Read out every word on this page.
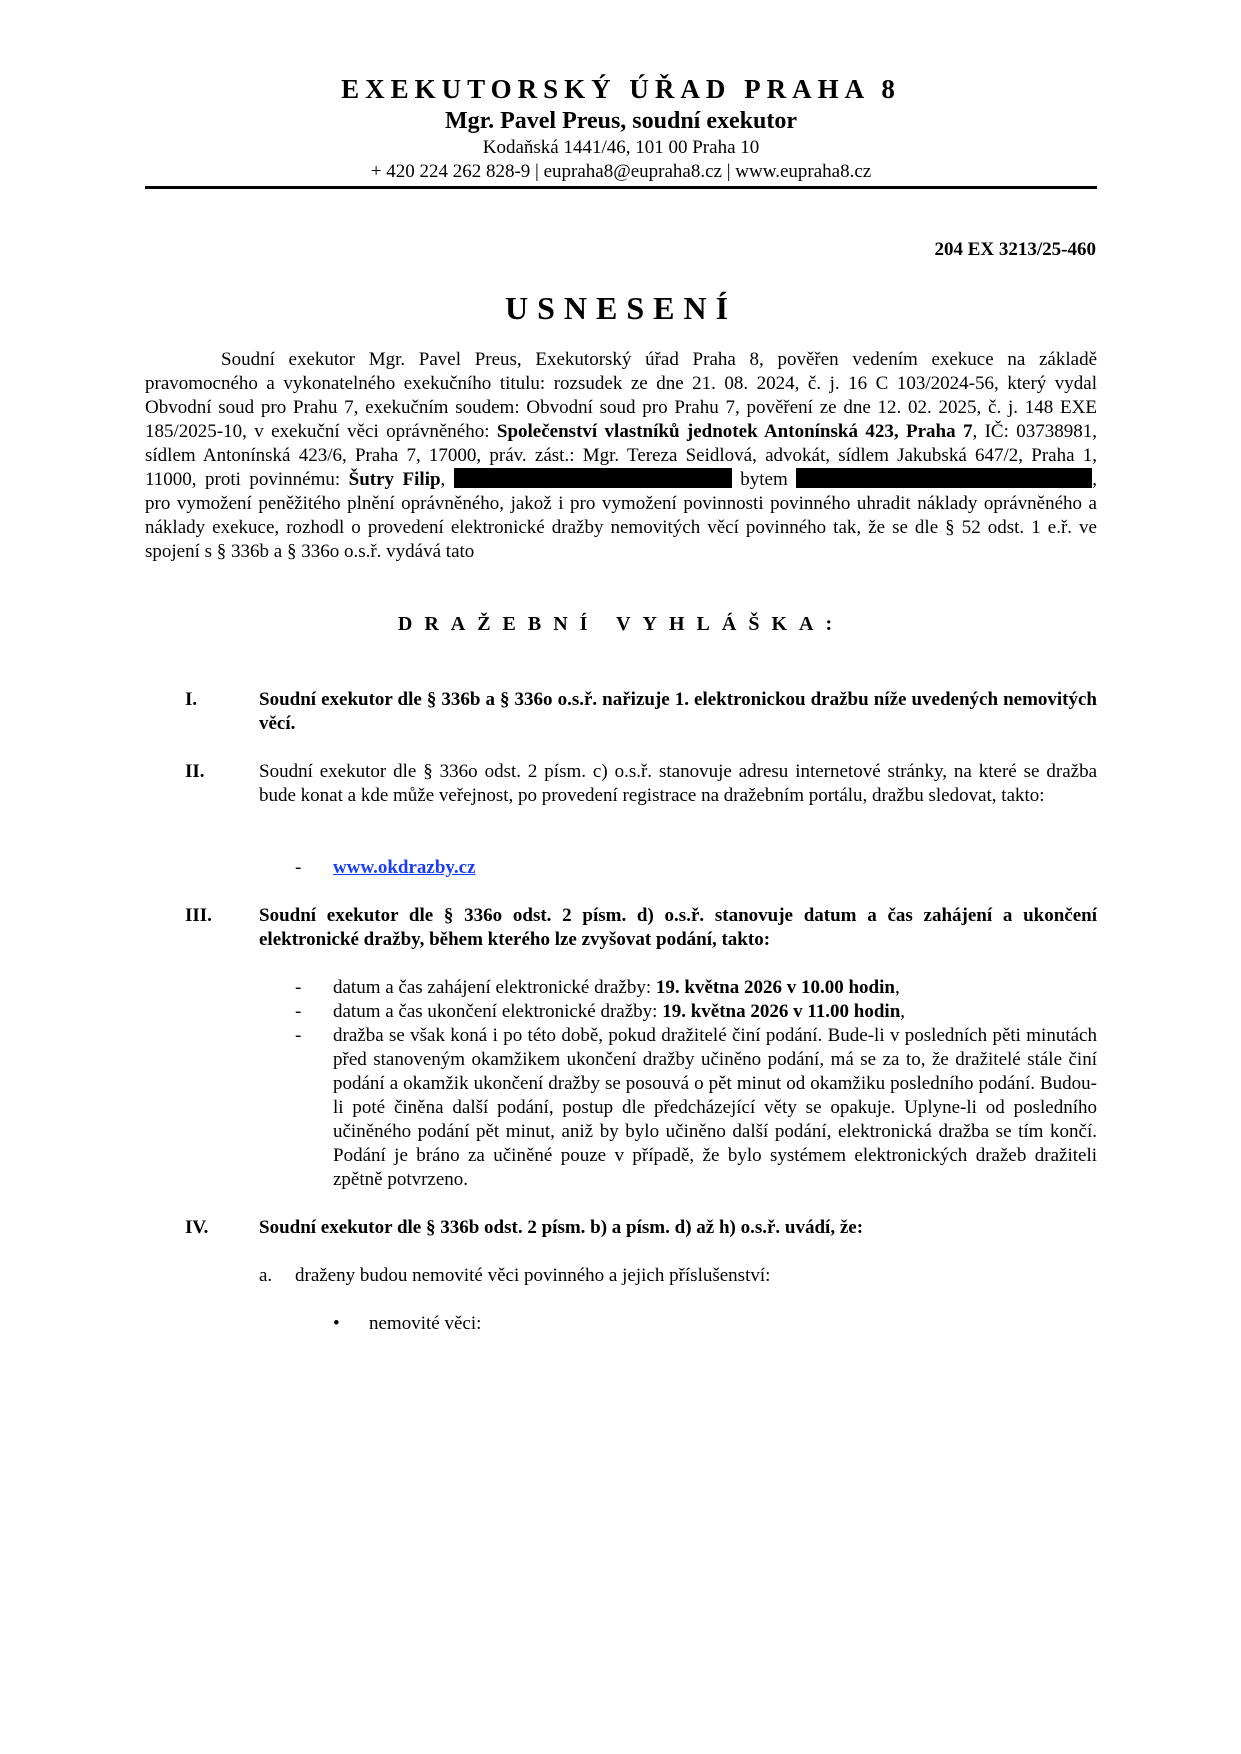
EXEKUTORSKÝ ÚŘAD PRAHA 8
Mgr. Pavel Preus, soudní exekutor
Kodaňská 1441/46, 101 00 Praha 10
+ 420 224 262 828-9 | eupraha8@eupraha8.cz | www.eupraha8.cz
204 EX 3213/25-460
USNESENÍ

Soudní exekutor Mgr. Pavel Preus, Exekutorský úřad Praha 8, pověřen vedením exekuce na základě pravomocného a vykonatelného exekučního titulu: rozsudek ze dne 21. 08. 2024, č. j. 16 C 103/2024-56, který vydal Obvodní soud pro Prahu 7, exekučním soudem: Obvodní soud pro Prahu 7, pověření ze dne 12. 02. 2025, č. j. 148 EXE 185/2025-10, v exekuční věci oprávněného: Společenství vlastníků jednotek Antonínská 423, Praha 7, IČ: 03738981, sídlem Antonínská 423/6, Praha 7, 17000, práv. zást.: Mgr. Tereza Seidlová, advokát, sídlem Jakubská 647/2, Praha 1, 11000, proti povinnému: Šutry Filip,	bytem	, pro vymožení peněžitého plnění oprávněného, jakož i pro vymožení povinnosti povinného uhradit náklady oprávněného a náklady exekuce, rozhodl o provedení elektronické dražby nemovitých věcí povinného tak, že se dle § 52 odst. 1 e.ř. ve spojení s § 336b a § 336o o.s.ř. vydává tato

DRAŽEBNÍ VYHLÁŠKA:
I.	Soudní exekutor dle § 336b a § 336o o.s.ř. nařizuje 1. elektronickou dražbu níže uvedených nemovitých věcí.
II.	Soudní exekutor dle § 336o odst. 2 písm. c) o.s.ř. stanovuje adresu internetové stránky, na které se dražba bude konat a kde může veřejnost, po provedení registrace na dražebním portálu, dražbu sledovat, takto:
- www.okdrazby.cz
III. Soudní exekutor dle § 336o odst. 2 písm. d) o.s.ř. stanovuje datum a čas zahájení a ukončení elektronické dražby, během kterého lze zvyšovat podání, takto:
- datum a čas zahájení elektronické dražby: 19. května 2026 v 10.00 hodin,
- datum a čas ukončení elektronické dražby: 19. května 2026 v 11.00 hodin,
- dražba se však koná i po této době, pokud dražitelé činí podání. Bude-li v posledních pěti minutách před stanoveným okamžikem ukončení dražby učiněno podání, má se za to, že dražitelé stále činí podání a okamžik ukončení dražby se posouvá o pět minut od okamžiku posledního podání. Budou-li poté činěna další podání, postup dle předcházející věty se opakuje. Uplyne-li od posledního učiněného podání pět minut, aniž by bylo učiněno další podání, elektronická dražba se tím končí. Podání je bráno za učiněné pouze v případě, že bylo systémem elektronických dražeb dražiteli zpětně potvrzeno.
IV.	Soudní exekutor dle § 336b odst. 2 písm. b) a písm. d) až h) o.s.ř. uvádí, že:
a. draženy budou nemovité věci povinného a jejich příslušenství:
• nemovité věci:
